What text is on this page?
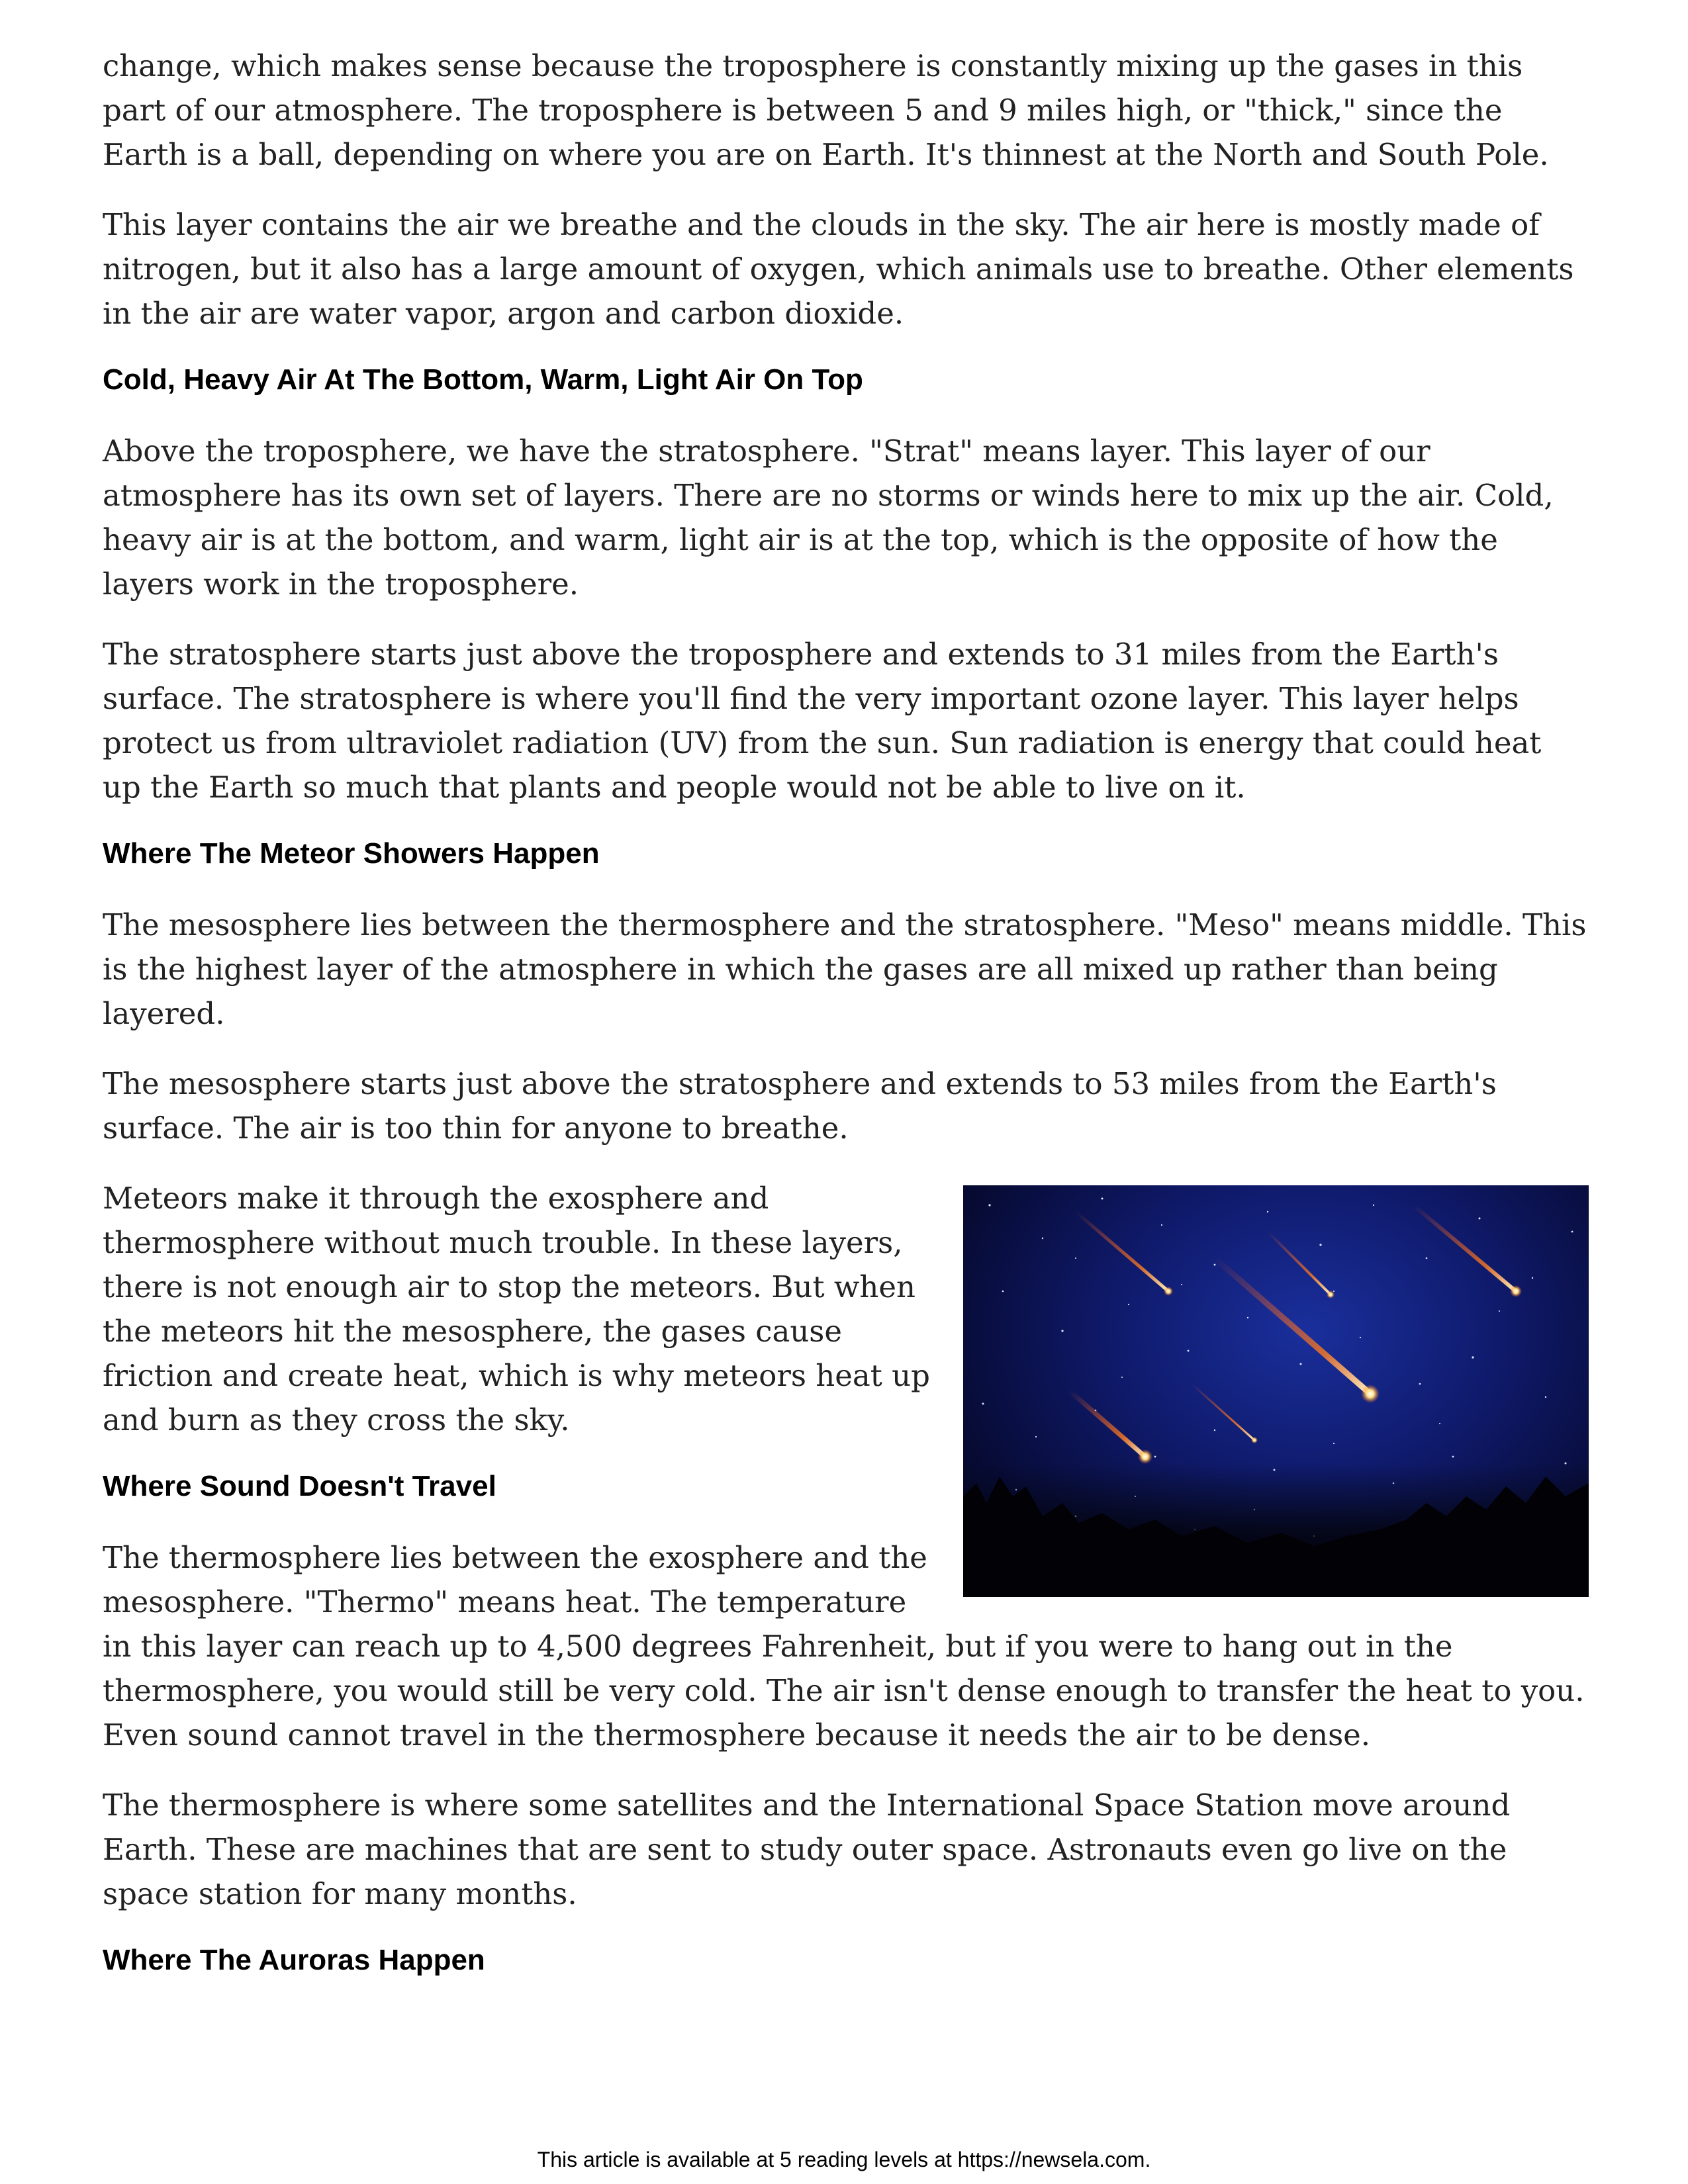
change, which makes sense because the troposphere is constantly mixing up the gases in this part of our atmosphere. The troposphere is between 5 and 9 miles high, or "thick," since the Earth is a ball, depending on where you are on Earth. It's thinnest at the North and South Pole.

This layer contains the air we breathe and the clouds in the sky. The air here is mostly made of nitrogen, but it also has a large amount of oxygen, which animals use to breathe. Other elements in the air are water vapor, argon and carbon dioxide.

Cold, Heavy Air At The Bottom, Warm, Light Air On Top

Above the troposphere, we have the stratosphere. "Strat" means layer. This layer of our atmosphere has its own set of layers. There are no storms or winds here to mix up the air. Cold, heavy air is at the bottom, and warm, light air is at the top, which is the opposite of how the layers work in the troposphere.

The stratosphere starts just above the troposphere and extends to 31 miles from the Earth's surface. The stratosphere is where you'll find the very important ozone layer. This layer helps protect us from ultraviolet radiation (UV) from the sun. Sun radiation is energy that could heat up the Earth so much that plants and people would not be able to live on it.

Where The Meteor Showers Happen

The mesosphere lies between the thermosphere and the stratosphere. "Meso" means middle. This is the highest layer of the atmosphere in which the gases are all mixed up rather than being layered.

The mesosphere starts just above the stratosphere and extends to 53 miles from the Earth's surface. The air is too thin for anyone to breathe.

Meteors make it through the exosphere and thermosphere without much trouble. In these layers, there is not enough air to stop the meteors. But when the meteors hit the mesosphere, the gases cause friction and create heat, which is why meteors heat up and burn as they cross the sky.

Where Sound Doesn't Travel

The thermosphere lies between the exosphere and the mesosphere. "Thermo" means heat. The temperature in this layer can reach up to 4,500 degrees Fahrenheit, but if you were to hang out in the thermosphere, you would still be very cold. The air isn't dense enough to transfer the heat to you. Even sound cannot travel in the thermosphere because it needs the air to be dense.

The thermosphere is where some satellites and the International Space Station move around Earth. These are machines that are sent to study outer space. Astronauts even go live on the space station for many months.

Where The Auroras Happen
This article is available at 5 reading levels at https://newsela.com.
